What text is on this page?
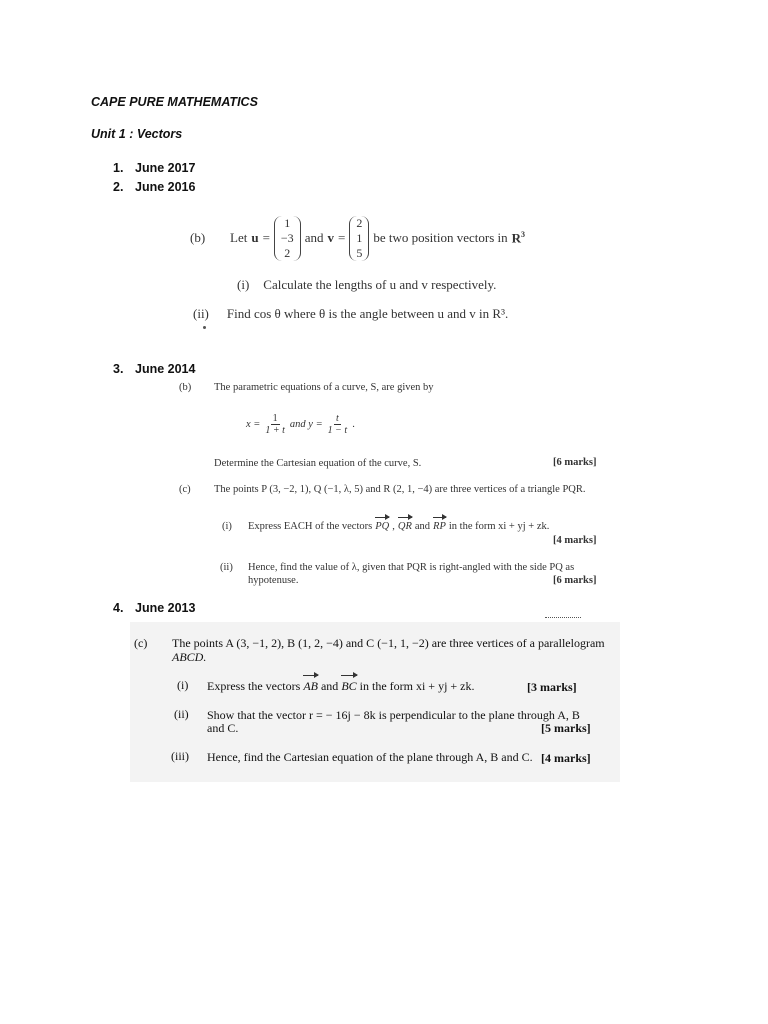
CAPE PURE MATHEMATICS
Unit 1 : Vectors
1. June 2017
2. June 2016
(b) Let u =
1
−3
2
and v =
2
1
5
be two position vectors in $R^3$
(i) Calculate the lengths of u and v respectively.
(ii) Find cos θ where θ is the angle between u and v in R³.
3. June 2014
(b) The parametric equations of a curve, S, are given by
$x = \frac{1}{1 + t}$ and $y = \frac{t}{1 - t}$ .
Determine the Cartesian equation of the curve, S.	[6 marks]
(c) The points P (3, −2, 1), Q (−1, λ, 5) and R (2, 1, −4) are three vertices of a triangle PQR.
(i) Express EACH of the vectors PQ , QR and RP in the form xi + yj + zk.
[4 marks]
(ii) Hence, find the value of λ, given that PQR is right-angled with the side PQ as
hypotenuse.	[6 marks]
4. June 2013
(c) The points A (3, −1, 2), B (1, 2, −4) and C (−1, 1, −2) are three vertices of a parallelogram
ABCD.
(i) Express the vectors AB and BC in the form xi + yj + zk.	[3 marks]
(ii) Show that the vector r = − 16j − 8k is perpendicular to the plane through A, B
and C.	[5 marks]
(iii) Hence, find the Cartesian equation of the plane through A, B and C. [4 marks]
